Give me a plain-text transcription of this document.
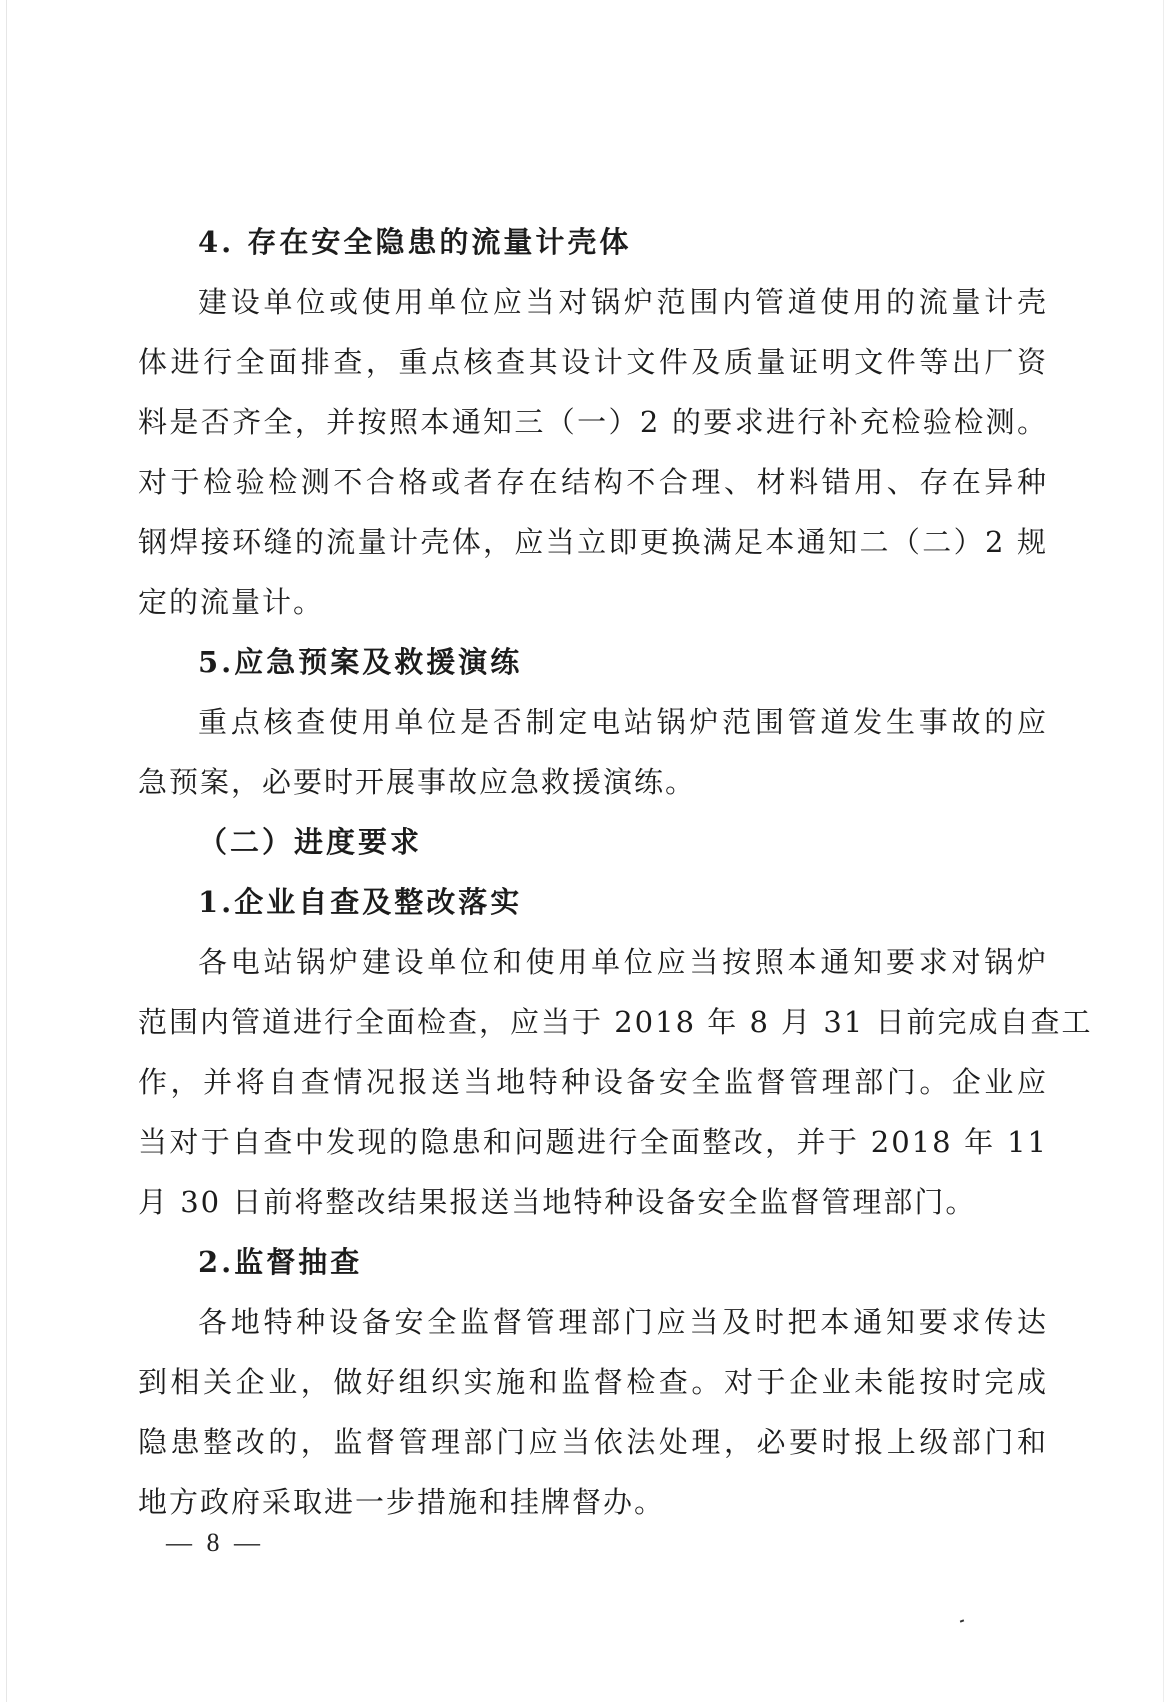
4. 存在安全隐患的流量计壳体
建设单位或使用单位应当对锅炉范围内管道使用的流量计壳
体进行全面排查，重点核查其设计文件及质量证明文件等出厂资
料是否齐全，并按照本通知三（一）2 的要求进行补充检验检测。
对于检验检测不合格或者存在结构不合理、材料错用、存在异种
钢焊接环缝的流量计壳体，应当立即更换满足本通知二（二）2 规
定的流量计。
5.应急预案及救援演练
重点核查使用单位是否制定电站锅炉范围管道发生事故的应
急预案，必要时开展事故应急救援演练。
（二）进度要求
1.企业自查及整改落实
各电站锅炉建设单位和使用单位应当按照本通知要求对锅炉
范围内管道进行全面检查，应当于 2018 年 8 月 31 日前完成自查工
作，并将自查情况报送当地特种设备安全监督管理部门。企业应
当对于自查中发现的隐患和问题进行全面整改，并于 2018 年 11
月 30 日前将整改结果报送当地特种设备安全监督管理部门。
2.监督抽查
各地特种设备安全监督管理部门应当及时把本通知要求传达
到相关企业，做好组织实施和监督检查。对于企业未能按时完成
隐患整改的，监督管理部门应当依法处理，必要时报上级部门和
地方政府采取进一步措施和挂牌督办。
— 8 —
